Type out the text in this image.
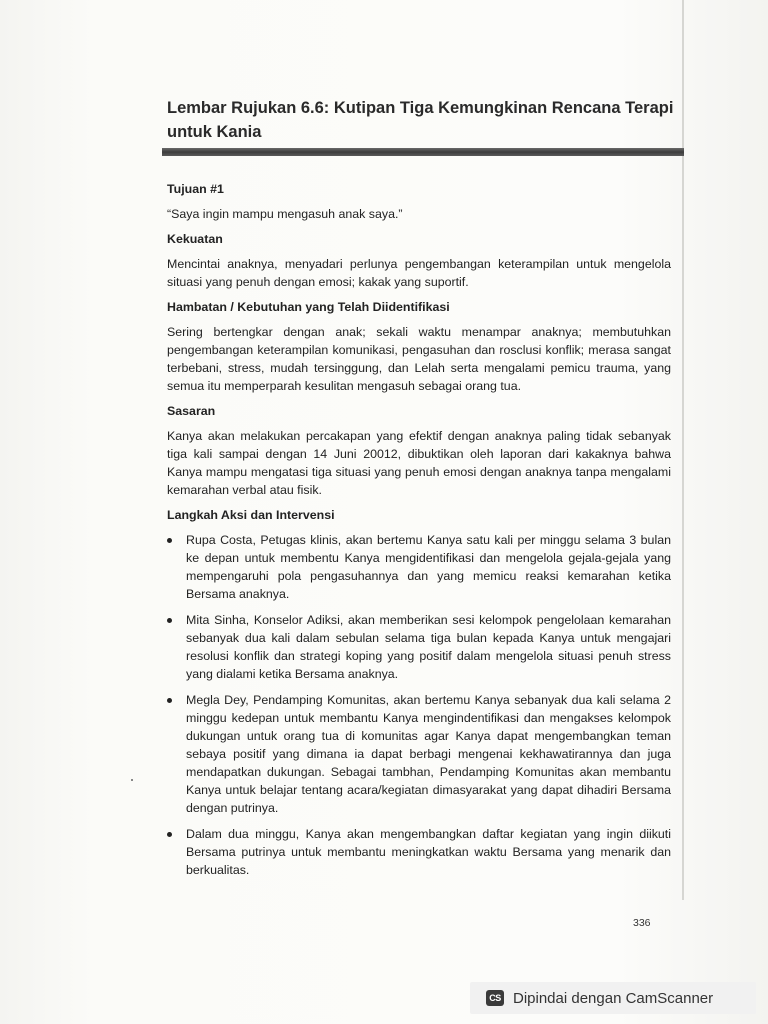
Lembar Rujukan 6.6: Kutipan Tiga Kemungkinan Rencana Terapi untuk Kania
Tujuan #1
“Saya ingin mampu mengasuh anak saya.”
Kekuatan
Mencintai anaknya, menyadari perlunya pengembangan keterampilan untuk mengelola situasi yang penuh dengan emosi; kakak yang suportif.
Hambatan / Kebutuhan yang Telah Diidentifikasi
Sering bertengkar dengan anak; sekali waktu menampar anaknya; membutuhkan pengembangan keterampilan komunikasi, pengasuhan dan rosclusi konflik; merasa sangat terbebani, stress, mudah tersinggung, dan Lelah serta mengalami pemicu trauma, yang semua itu memperparah kesulitan mengasuh sebagai orang tua.
Sasaran
Kanya akan melakukan percakapan yang efektif dengan anaknya paling tidak sebanyak tiga kali sampai dengan 14 Juni 20012, dibuktikan oleh laporan dari kakaknya bahwa Kanya mampu mengatasi tiga situasi yang penuh emosi dengan anaknya tanpa mengalami kemarahan verbal atau fisik.
Langkah Aksi dan Intervensi
Rupa Costa, Petugas klinis, akan bertemu Kanya satu kali per minggu selama 3 bulan ke depan untuk membentu Kanya mengidentifikasi dan mengelola gejala-gejala yang mempengaruhi pola pengasuhannya dan yang memicu reaksi kemarahan ketika Bersama anaknya.
Mita Sinha, Konselor Adiksi, akan memberikan sesi kelompok pengelolaan kemarahan sebanyak dua kali dalam sebulan selama tiga bulan kepada Kanya untuk mengajari resolusi konflik dan strategi koping yang positif dalam mengelola situasi penuh stress yang dialami ketika Bersama anaknya.
Megla Dey, Pendamping Komunitas, akan bertemu Kanya sebanyak dua kali selama 2 minggu kedepan untuk membantu Kanya mengindentifikasi dan mengakses kelompok dukungan untuk orang tua di komunitas agar Kanya dapat mengembangkan teman sebaya positif yang dimana ia dapat berbagi mengenai kekhawatirannya dan juga mendapatkan dukungan. Sebagai tambhan, Pendamping Komunitas akan membantu Kanya untuk belajar tentang acara/kegiatan dimasyarakat yang dapat dihadiri Bersama dengan putrinya.
Dalam dua minggu, Kanya akan mengembangkan daftar kegiatan yang ingin diikuti Bersama putrinya untuk membantu meningkatkan waktu Bersama yang menarik dan berkualitas.
336
CS Dipindai dengan CamScanner
